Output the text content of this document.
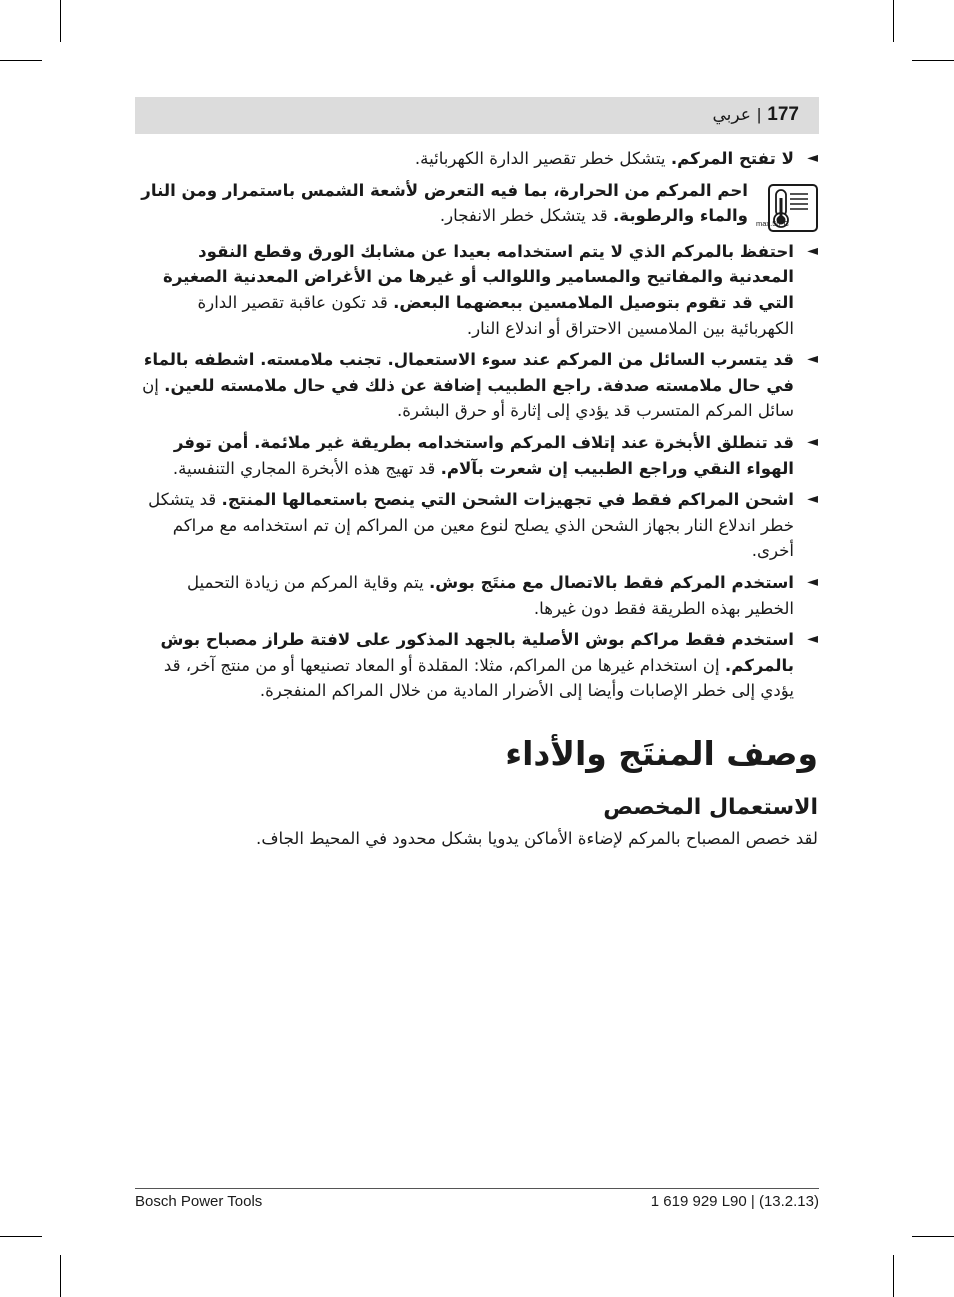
177|عربي
◄
لا تفتح المركم. يتشكل خطر تقصير الدارة الكهربائية.
max.50°C
احم المركم من الحرارة، بما فيه التعرض لأشعة الشمس باستمرار ومن النار والماء والرطوبة. قد يتشكل خطر الانفجار.
◄
احتفظ بالمركم الذي لا يتم استخدامه بعيدا عن مشابك الورق وقطع النقود المعدنية والمفاتيح والمسامير واللوالب أو غيرها من الأغراض المعدنية الصغيرة التي قد تقوم بتوصيل الملامسين ببعضهما البعض. قد تكون عاقبة تقصير الدارة الكهربائية بين الملامسين الاحتراق أو اندلاع النار.
◄
قد يتسرب السائل من المركم عند سوء الاستعمال. تجنب ملامسته. اشطفه بالماء في حال ملامسته صدفة. راجع الطبيب إضافة عن ذلك في حال ملامسته للعين. إن سائل المركم المتسرب قد يؤدي إلى إثارة أو حرق البشرة.
◄
قد تنطلق الأبخرة عند إتلاف المركم واستخدامه بطريقة غير ملائمة. أمن توفر الهواء النقي وراجع الطبيب إن شعرت بآلام. قد تهيج هذه الأبخرة المجاري التنفسية.
◄
اشحن المراكم فقط في تجهيزات الشحن التي ينصح باستعمالها المنتج. قد يتشكل خطر اندلاع النار بجهاز الشحن الذي يصلح لنوع معين من المراكم إن تم استخدامه مع مراكم أخرى.
◄
استخدم المركم فقط بالاتصال مع منتَج بوش. يتم وقاية المركم من زيادة التحميل الخطير بهذه الطريقة فقط دون غيرها.
◄
استخدم فقط مراكم بوش الأصلية بالجهد المذكور على لافتة طراز مصباح بوش بالمركم. إن استخدام غيرها من المراكم، مثلا: المقلدة أو المعاد تصنيعها أو من منتج آخر، قد يؤدي إلى خطر الإصابات وأيضا إلى الأضرار المادية من خلال المراكم المنفجرة.
وصف المنتَج والأداء
الاستعمال المخصص
لقد خصص المصباح بالمركم لإضاءة الأماكن يدويا بشكل محدود في المحيط الجاف.
Bosch Power Tools	1 619 929 L90 | (13.2.13)
